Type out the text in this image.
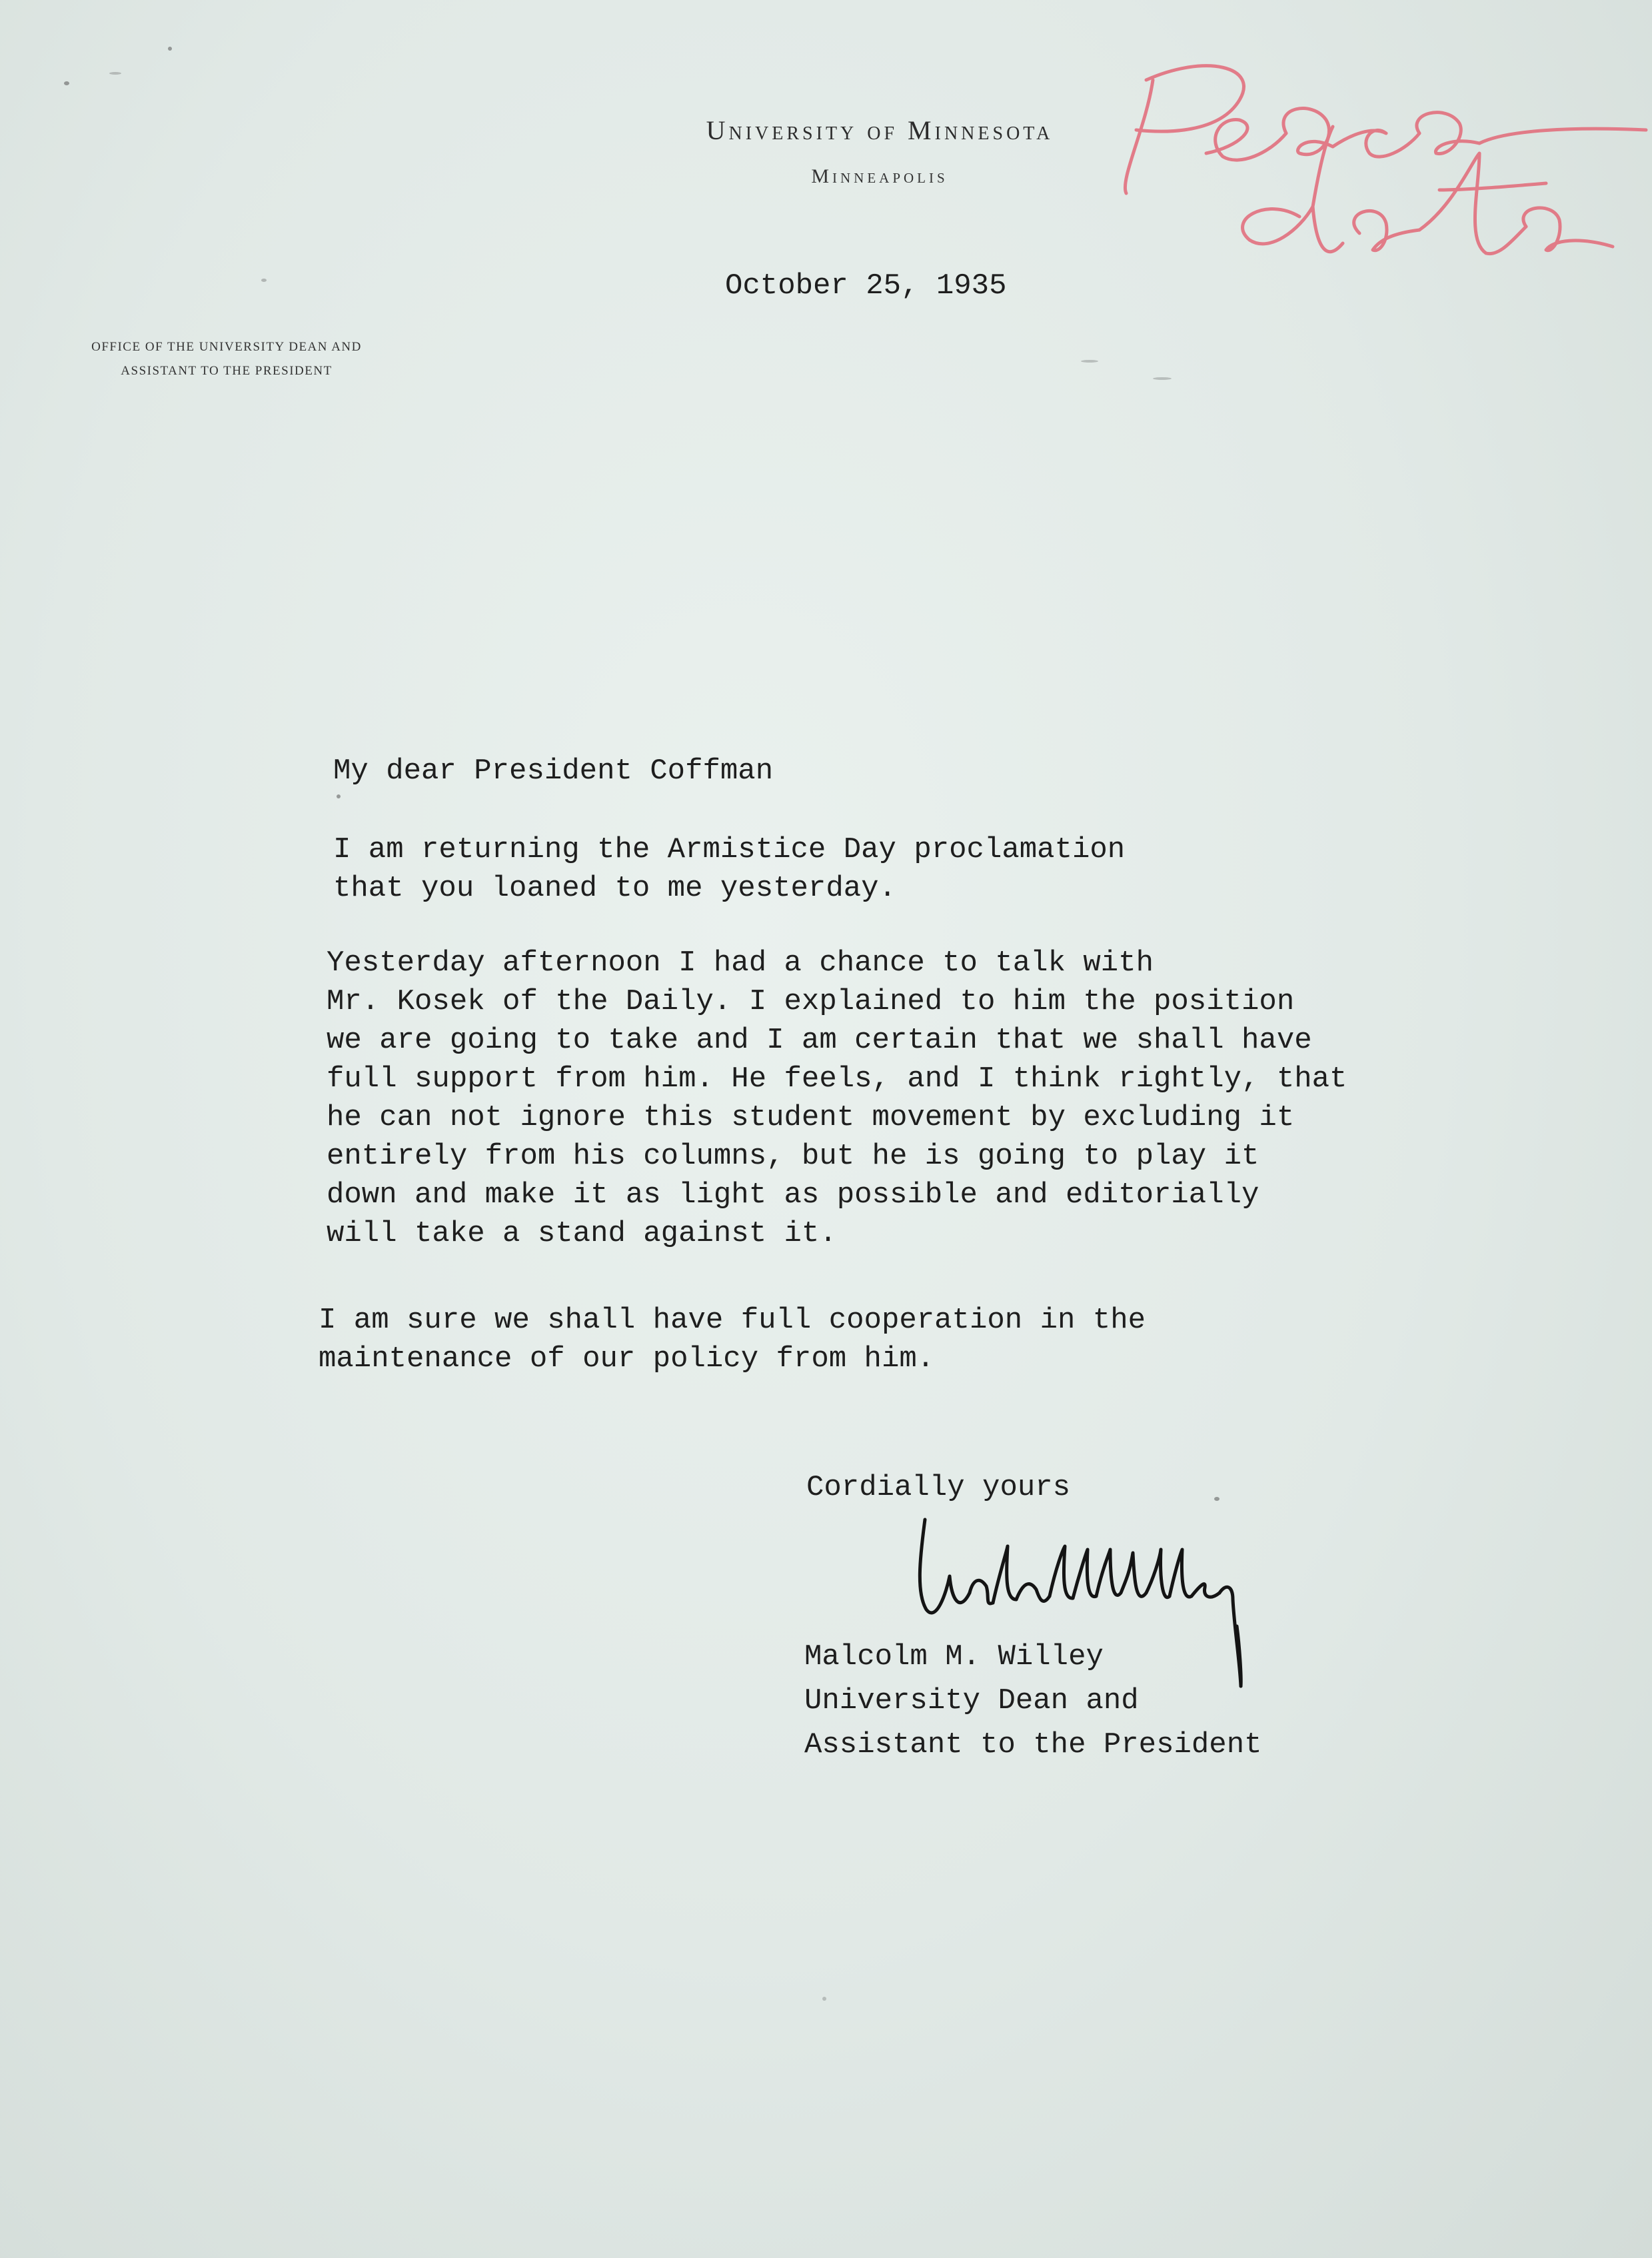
University of Minnesota
Minneapolis
OFFICE OF THE UNIVERSITY DEAN AND
ASSISTANT TO THE PRESIDENT
October 25, 1935
My dear President Coffman
I am returning the Armistice Day proclamation
that you loaned to me yesterday.
Yesterday afternoon I had a chance to talk with
Mr. Kosek of the Daily. I explained to him the position
we are going to take and I am certain that we shall have
full support from him. He feels, and I think rightly, that
he can not ignore this student movement by excluding it
entirely from his columns, but he is going to play it
down and make it as light as possible and editorially
will take a stand against it.
I am sure we shall have full cooperation in the
maintenance of our policy from him.
Cordially yours
Malcolm M. Willey
University Dean and
Assistant to the President
